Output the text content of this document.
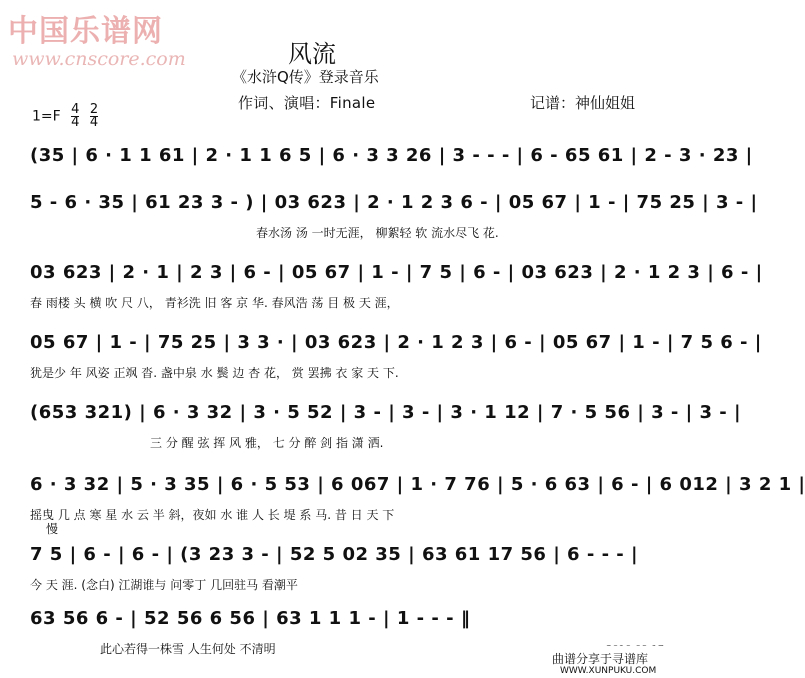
中国乐谱网
www.cnscore.com	风流
《水浒Q传》登录音乐
作词、演唱：Finale	记谱：神仙姐姐
$1=F \frac{4}{4}$
$\frac{2}{4}$
(35 | 6 · 1 1 61 | 2 · 1 1 6 5 | 6 · 3 3 26 | 3 - - - | 6 - 65 61 | 2 - 3 · 23 |
5 - 6 · 35 | 61 23 3 - ) | 03 623 | 2 · 1 2 3 6 - | 05 67 | 1 - | 75 25 | 3 - |
春水汤 汤 一时无涯， 柳絮轻 软 流水尽飞 花.
03 623 | 2 · 1 | 2 3 | 6 - | 05 67 | 1 - | 7 5 | 6 - | 03 623 | 2 · 1 2 3 | 6 - |
春 雨楼 头 横 吹 尺 八， 青衫洗 旧 客 京 华. 春风浩 荡 目 极 天 涯，
05 67 | 1 - | 75 25 | 3 3 · | 03 623 | 2 · 1 2 3 | 6 - | 05 67 | 1 - | 7 5 6 - |
犹是少 年 风姿 正飒 沓. 盏中泉 水 鬓 边 杏 花， 赏 罢拂 衣 家 天 下.
(653 321) | 6 · 3 32 | 3 · 5 52 | 3 - | 3 - | 3 · 1 12 | 7 · 5 56 | 3 - | 3 - |
三 分 醒 弦 挥 风 雅， 七 分 醉 剑 指 潇 洒.
6 · 3 32 | 5 · 3 35 | 6 · 5 53 | 6 067 | 1 · 7 76 | 5 · 6 63 | 6 - | 6 012 | 3 2 1 |
摇曳 几 点 寒 星 水 云 半 斜，夜如 水 谁 人 长 堤 系 马. 昔 日 天 下
慢
7 5 | 6 - | 6 - | (3 23 3 - | 52 5 02 35 | 63 61 17 56 | 6 - - - |
今 天 涯. (念白) 江湖谁与 问零丁 几回驻马 看潮平
63 56 6 - | 52 56 6 56 | 63 1 1 1 - | 1 - - - ‖
此心若得一株雪 人生何处 不清明
曲谱分享于寻谱库
WWW.XUNPUKU.COM
